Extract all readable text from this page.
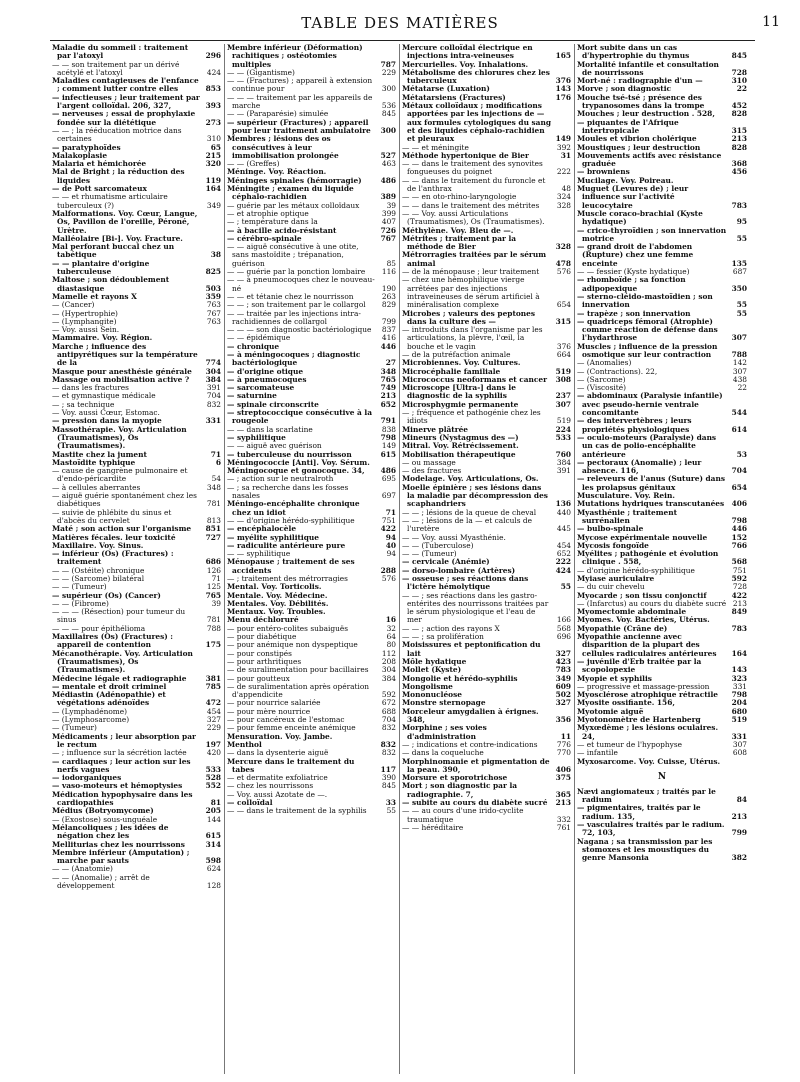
TABLE DES MATIÈRES	11
Maladie du sommeil : traitement par l'atoxyl	296
— — son traitement par un dérivé acétylé et l'atoxyl	424
Maladies contagieuses de l'enfance ; comment lutter contre elles	853
— infectieuses ; leur traitement par l'argent colloïdal. 206, 327,	393
— nerveuses ; essai de prophylaxie fondée sur la diététique	273
— — ; la rééducation motrice dans certaines	310
— paratyphoïdes	65
Malakoplasie	215
Malaria et hémichorée	320
Mal de Bright ; la réduction des liquides	119
— de Pott sarcomateux	164
— — et rhumatisme articulaire tuberculeux (?)	349
Malformations. Voy. Cœur, Langue, Os, Pavillon de l'oreille, Péroné, Urètre.
Malléolaire [Bi-]. Voy. Fracture.
Mal perforant buccal chez un tabétique	38
— — plantaire d'origine tuberculeuse	825
Maltose ; son dédoublement diastasique	503
Mamelle et rayons X	359
— (Cancer)	763
— (Hypertrophie)	767
— (Lymphangite)	763
— Voy. aussi Sein.
Mammaire. Voy. Région.
Marche ; influence des antipyrétiques sur la température de la	774
Masque pour anesthésie générale	304
Massage ou mobilisation active ?	384
— dans les fractures	391
— et gymnastique médicale	704
— ; sa technique	832
— Voy. aussi Cœur, Estomac.
— pression dans la myopie	331
Massothérapie. Voy. Articulation (Traumatismes), Os (Traumatismes).
Mastite chez la jument	71
Mastoïdite typhique	6
— cause de gangrène pulmonaire et d'endo-péricardite	54
— à cellules aberrantes	348
— aiguë guérie spontanément chez les diabétiques	781
— suivie de phlébite du sinus et d'abcès du cervelet	813
Maté ; son action sur l'organisme	851
Matières fécales. leur toxicité	727
Maxillaire. Voy. Sinus.
— inférieur (Os) (Fractures) : traitement	686
— — (Ostéite) chronique	126
— — (Sarcome) bilatéral	71
— — (Tumeur)	125
— supérieur (Os) (Cancer)	765
— — (Fibrome)	39
— — — (Résection) pour tumeur du sinus	781
— — — pour épithélioma	788
Maxillaires (Os) (Fractures) : appareil de contention	175
Mécanothérapie. Voy. Articulation (Traumatismes), Os (Traumatismes).
Médecine légale et radiographie	381
— mentale et droit criminel	785
Médiastin (Adénopathie) et végétations adénoïdes	472
— (Lymphadénome)	454
— (Lymphosarcome)	327
— (Tumeur)	229
Médicaments ; leur absorption par le rectum	197
— ; influence sur la sécrétion lactée	420
— cardiaques ; leur action sur les nerfs vagues	533
— iodorganiques	528
— vaso-moteurs et hémoptysies	552
Médication hypophysaire dans les cardiopathies	81
Médius (Botryomycome)	205
— (Exostose) sous-unguéale	144
Mélancoliques ; les idées de négation chez les	615
Melliturias chez les nourrissons	314
Membre inférieur (Amputation) ; marche par sauts	598
— — (Anatomie)	624
— — (Anomalie) ; arrêt de développement	128
Membre inférieur (Déformation) rachitiques ; ostéotomies multiples	787
— — (Gigantisme)	229
— — (Fractures) ; appareil à extension continue pour	300
— — — traitement par les appareils de marche	536
— — (Paraparésie) simulée	845
— supérieur (Fractures) ; appareil pour leur traitement ambulatoire	300
Membres ; lésions des os consécutives à leur immobilisation prolongée	527
— — (Greffes)	463
Méninge. Voy. Réaction.
Méninges spinales (hémorragie)	486
Méningite ; examen du liquide céphalo-rachidien	389
— guérie par les métaux colloïdaux	39
— et atrophie optique	399
— ; température dans la	407
— à bacille acido-résistant	726
— cérébro-spinale	767
— — aiguë consécutive à une otite, sans mastoïdite ; trépanation, guérison	85
— — guérie par la ponction lombaire	116
— — à pneumocoques chez le nouveau-né	190
— — et tétanie chez le nourrisson	263
— — ; son traitement par le collargol	829
— — traitée par les injections intra-rachidiennes de collargol	799
— — — son diagnostic bactériologique	837
— — épidémique	416
— chronique	446
— à méningocoques ; diagnostic bactériologique	27
— d'origine otique	348
— à pneumocoques	765
— sarcomateuse	749
— saturnine	213
— spinale circonscrite	652
— streptococcique consécutive à la rougeole	791
— — dans la scarlatine	838
— syphilitique	798
— — aiguë avec guérison	149
— tuberculeuse du nourrisson	615
Méningococcie [Anti]. Voy. Sérum.
Méningocoque et gonocoque. 34,	486
— ; action sur le neutralroth	695
— ; sa recherche dans les fosses nasales	697
Méningo-encéphalite chronique chez un idiot	71
— — d'origine hérédo-syphilitique	751
— encéphalocèle	422
— myélite syphilitique	94
— radiculite antérieure pure	40
— — syphilitique	94
Ménopause ; traitement de ses accidents	288
— ; traitement des métrorragies	576
Mental. Voy. Torticolis.
Mentale. Voy. Médecine.
Mentales. Voy. Débilités.
Mentaux. Voy. Troubles.
Menu déchloruré	16
— pour entéro-colites subaiguës	32
— pour diabétique	64
— pour anémique non dyspeptique	80
— pour constipés	112
— pour arthritiques	208
— de suralimentation pour bacillaires	304
— pour goutteux	384
— de suralimentation après opération d'appendicite	592
— pour nourrice salariée	672
— pour mère nourrice	688
— pour cancéreux de l'estomac	704
— pour femme enceinte anémique	832
Mensuration. Voy. Jambe.
Menthol	832
— dans la dysenterie aiguë	832
Mercure dans le traitement du tabes	117
— et dermatite exfoliatrice	390
— chez les nourrissons	845
— Voy. aussi Azotate de —.
— colloïdal	33
— — dans le traitement de la syphilis	55
Mercure colloïdal électrique en injections intra-veineuses	165
Mercurielles. Voy. Inhalations.
Métabolisme des chlorures chez les tuberculeux	376
Métatarse (Luxation)	143
Métatarsiens (Fractures)	176
Métaux colloïdaux ; modifications apportées par les injections de — aux formules cytologiques du sang et des liquides céphalo-rachidien et pleuraux	149
— — et méningite	392
Méthode hypertonique de Bier	31
— — dans le traitement des synovites fongueuses du poignet	222
— — dans le traitement du furoncle et de l'anthrax	48
— — en oto-rhino-laryngologie	324
— — dans le traitement des métrites	328
— — Voy. aussi Articulations (Traumatismes), Os (Traumatismes).
Méthylène. Voy. Bleu de —.
Métrites ; traitement par la méthode de Bier	328
Métrorragies traitées par le sérum animal	478
— de la ménopause ; leur traitement	576
— chez une hémophilique vierge arrêtées par des injections intraveineuses de sérum artificiel à minéralisation complexe	654
Microbes ; valeurs des peptones dans la culture des —	315
— introduits dans l'organisme par les articulations, la plèvre, l'œil, la bouche et le vagin	376
— de la putréfaction animale	664
Microbiennes. Voy. Cultures.
Microcéphalie familiale	519
Micrococcus neoformans et cancer	308
Microscope [Ultra-] dans le diagnostic de la syphilis	237
Microsphygmie permanente	307
— ; fréquence et pathogénie chez les idiots	519
Minerve plâtrée	224
Mineurs (Nystagmus des —)	533
Mitral. Voy. Rétrécissement.
Mobilisation thérapeutique	760
— ou massage	384
— des fractures	391
Modelage. Voy. Articulations, Os.
Moelle épinière ; ses lésions dans la maladie par décompression des scaphandriers	136
— — ; lésions de la queue de cheval	440
— — ; lésions de la — et calculs de l'uretère	445
— — Voy. aussi Myasthénie.
— — (Tuberculose)	454
— — (Tumeur)	652
— cervicale (Anémie)	222
— dorso-lombaire (Artères)	424
— osseuse ; ses réactions dans l'ictère hémolytique	55
— — ; ses réactions dans les gastro-entérites des nourrissons traitées par le sérum physiologique et l'eau de mer	166
— — ; action des rayons X	568
— — ; sa prolifération	696
Moisissures et peptonification du lait	327
Môle hydatique	423
Mollet (Kyste)	783
Mongolie et hérédo-syphilis	349
Mongolisme	609
Mononucléose	502
Monstre sternopage	327
Morceleur amygdalien à érignes. 348,	356
Morphine ; ses voies d'administration	11
— ; indications et contre-indications	776
— dans la coqueluche	770
Morphinomanie et pigmentation de la peau. 390,	406
Morsure et sporotrichose	375
Mort ; son diagnostic par la radiographie. 7,	365
— subite au cours du diabète sucré	213
— — au cours d'une irido-cyclite traumatique	332
— — héréditaire	761
Mort subite dans un cas d'hypertrophie du thymus	845
Mortalité infantile et consultation de nourrissons	728
Mort-né : radiographie d'un —	310
Morve ; son diagnostic	22
Mouche tsé-tsé ; présence des trypanosomes dans la trompe	452
Mouches ; leur destruction . 528,	828
— piquantes de l'Afrique intertropicale	315
Moules et vibrion cholérique	213
Moustiques ; leur destruction	828
Mouvements actifs avec résistance graduée	368
— browniens	456
Mucilage. Voy. Poireau.
Muguet (Levures de) ; leur influence sur l'activité leucocytaire	783
Muscle coraco-brachial (Kyste hydatique)	95
— crico-thyroïdien ; son innervation motrice	55
— grand droit de l'abdomen (Rupture) chez une femme enceinte	135
— — fessier (Kyste hydatique)	687
— rhomboïde ; sa fonction adipopexique	350
— sterno-cléido-mastoïdien ; son innervation	55
— trapèze ; son innervation	55
— quadriceps fémoral (Atrophie) comme réaction de défense dans l'hydarthrose	307
Muscles ; influence de la pression osmotique sur leur contraction	788
— (Anomalies)	142
— (Contractions). 22,	307
— (Sarcome)	438
— (Viscosité)	22
— abdominaux (Paralysie infantile) avec pseudo-hernie ventrale concomitante	544
— des intervertèbres ; leurs propriétés physiologiques	614
— oculo-moteurs (Paralysie) dans un cas de polio-encéphalite antérieure	53
— pectoraux (Anomalie) ; leur absence. 116,	704
— releveurs de l'anus (Suture) dans les prolapsus génitaux	654
Musculature. Voy. Rein.
Mutations hydriques transcutanées 406
Myasthénie ; traitement surrénalien	798
— bulbo-spinale	446
Mycose expérimentale nouvelle	152
Mycosis fongoïde	766
Myélites ; pathogénie et évolution clinique . 558,	568
— d'origine hérédo-syphilitique	751
Myiase auriculaire	592
— du cuir chevelu	728
Myocarde ; son tissu conjonctif	422
— (Infarctus) au cours du diabète sucré 213
Myomectomie abdominale	849
Myomes. Voy. Bactéries, Utérus.
Myopathie (Crâne de)	783
Myopathie ancienne avec disparition de la plupart des cellules radiculaires antérieures	164
— juvénile d'Erb traitée par la scopolopexie	143
Myopie et syphilis	323
— progressive et massage-pression	331
Myosclérose atrophique rétractile	798
Myosite ossifiante. 156,	204
Myotomie aiguë	680
Myotonomètre de Hartenberg	519
Myxœdème ; les lésions oculaires. 24,	331
— et tumeur de l'hypophyse	307
— infantile	608
Myxosarcome. Voy. Cuisse, Utérus.
N
Nævi angiomateux ; traités par le radium	84
— pigmentaires, traités par le radium. 135,	213
— vasculaires traités par le radium. 72, 103,	799
Nagana ; sa transmission par les stomoxes et les moustiques du genre Mansonia	382
